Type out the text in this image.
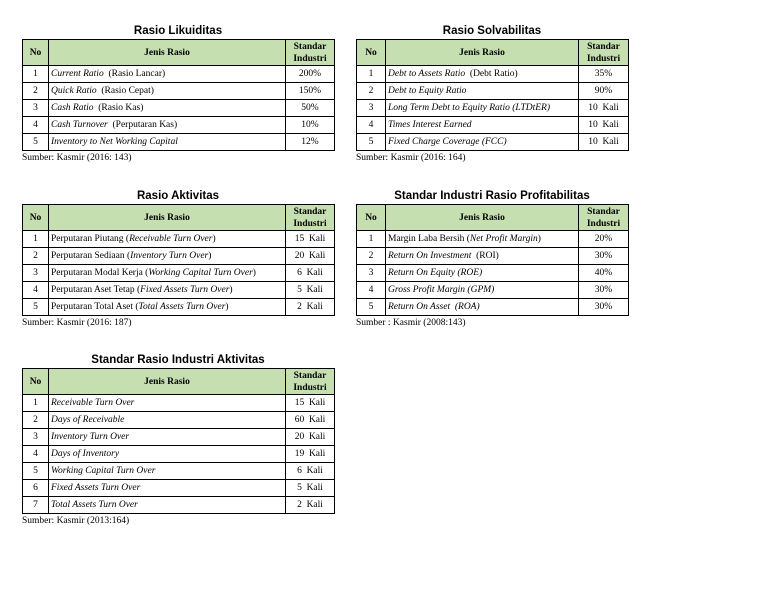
Rasio Likuiditas
No	Jenis Rasio	Standar
Industri
1	Current Ratio  (Rasio Lancar)	200%
2	Quick Ratio  (Rasio Cepat)	150%
3	Cash Ratio  (Rasio Kas)	50%
4	Cash Turnover  (Perputaran Kas)	10%
5	Inventory to Net Working Capital	12%
Sumber: Kasmir (2016: 143)
Rasio Solvabilitas
No	Jenis Rasio	Standar
Industri
1	Debt to Assets Ratio  (Debt Ratio)	35%
2	Debt to Equity Ratio	90%
3	Long Term Debt to Equity Ratio (LTDtER)	10  Kali
4	Times Interest Earned	10  Kali
5	Fixed Charge Coverage (FCC)	10  Kali
Sumber: Kasmir (2016: 164)
Rasio Aktivitas
No	Jenis Rasio	Standar
Industri
1	Perputaran Piutang (Receivable Turn Over)	15  Kali
2	Perputaran Sediaan (Inventory Turn Over)	20  Kali
3	Perputaran Modal Kerja (Working Capital Turn Over)	6  Kali
4	Perputaran Aset Tetap (Fixed Assets Turn Over)	5  Kali
5	Perputaran Total Aset (Total Assets Turn Over)	2  Kali
Sumber: Kasmir (2016: 187)
Standar Industri Rasio Profitabilitas
No	Jenis Rasio	Standar
Industri
1	Margin Laba Bersih (Net Profit Margin)	20%
2	Return On Investment  (ROI)	30%
3	Return On Equity (ROE)	40%
4	Gross Profit Margin (GPM)	30%
5	Return On Asset  (ROA)	30%
Sumber : Kasmir (2008:143)
Standar Rasio Industri Aktivitas
No	Jenis Rasio	Standar
Industri
1	Receivable Turn Over	15  Kali
2	Days of Receivable	60  Kali
3	Inventory Turn Over	20  Kali
4	Days of Inventory	19  Kali
5	Working Capital Turn Over	6  Kali
6	Fixed Assets Turn Over	5  Kali
7	Total Assets Turn Over	2  Kali
Sumber: Kasmir (2013:164)
